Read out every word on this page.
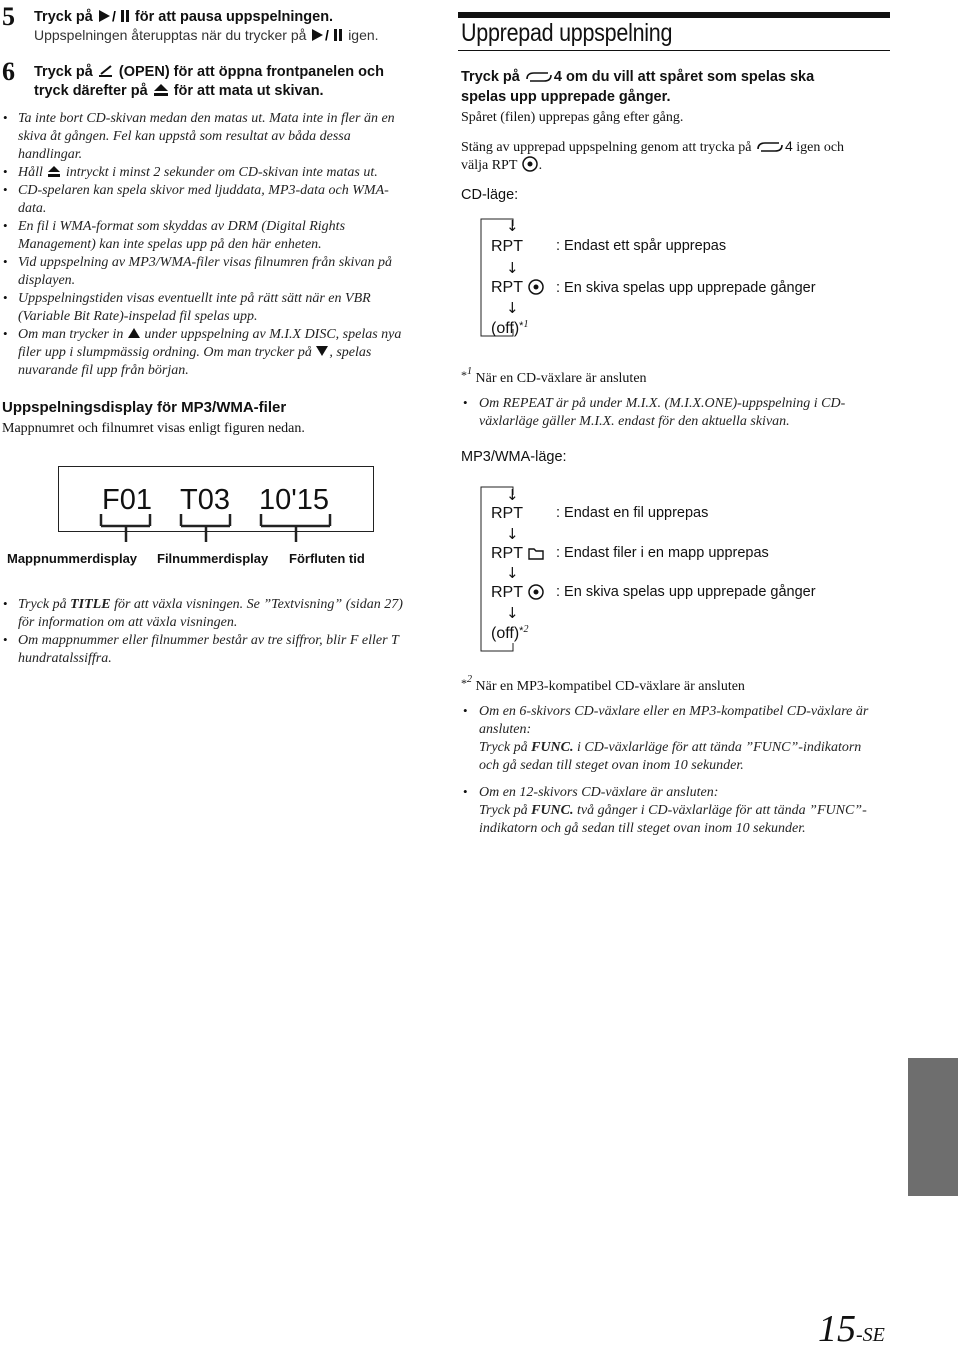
5 Tryck på / för att pausa uppspelningen.
Uppspelningen återupptas när du trycker på / igen.
6 Tryck på (OPEN) för att öppna frontpanelen och
tryck därefter på för att mata ut skivan.
• Ta inte bort CD-skivan medan den matas ut. Mata inte in fler än en
skiva åt gången. Fel kan uppstå som resultat av båda dessa
handlingar.
• Håll intryckt i minst 2 sekunder om CD-skivan inte matas ut.
• CD-spelaren kan spela skivor med ljuddata, MP3-data och WMA-
data.
• En fil i WMA-format som skyddas av DRM (Digital Rights
Management) kan inte spelas upp på den här enheten.
• Vid uppspelning av MP3/WMA-filer visas filnumren från skivan på
displayen.
• Uppspelningstiden visas eventuellt inte på rätt sätt när en VBR
(Variable Bit Rate)-inspelad fil spelas upp.
• Om man trycker in under uppspelning av M.I.X DISC, spelas nya
filer upp i slumpmässig ordning. Om man trycker på , spelas
nuvarande fil upp från början.
Uppspelningsdisplay för MP3/WMA-filer
Mappnumret och filnumret visas enligt figuren nedan.
F01 T03 10'15
Mappnummerdisplay Filnummerdisplay Förfluten tid
• Tryck på TITLE för att växla visningen. Se ”Textvisning” (sidan 27)
för information om att växla visningen.
• Om mappnummer eller filnummer består av tre siffror, blir F eller T
hundratalssiffra.
Upprepad uppspelning
Tryck på 4 om du vill att spåret som spelas ska
spelas upp upprepade gånger.
Spåret (filen) upprepas gång efter gång.
Stäng av upprepad uppspelning genom att trycka på 4 igen och
välja RPT .
CD-läge:
↓
RPT : Endast ett spår upprepas
↓
RPT	: En skiva spelas upp upprepade gånger
↓
(off)$^{*1}$
*$^1$ När en CD-växlare är ansluten
• Om REPEAT är på under M.I.X. (M.I.X.ONE)-uppspelning i CD-
växlarläge gäller M.I.X. endast för den aktuella skivan.
MP3/WMA-läge:
↓
RPT : Endast en fil upprepas
↓
RPT	: Endast filer i en mapp upprepas
↓
RPT	: En skiva spelas upp upprepade gånger
↓
(off)$^{*2}$
*$^2$ När en MP3-kompatibel CD-växlare är ansluten
• Om en 6-skivors CD-växlare eller en MP3-kompatibel CD-växlare är
ansluten:
Tryck på FUNC. i CD-växlarläge för att tända ”FUNC”-indikatorn
och gå sedan till steget ovan inom 10 sekunder.
• Om en 12-skivors CD-växlare är ansluten:
Tryck på FUNC. två gånger i CD-växlarläge för att tända ”FUNC”-
indikatorn och gå sedan till steget ovan inom 10 sekunder.
15-SE
